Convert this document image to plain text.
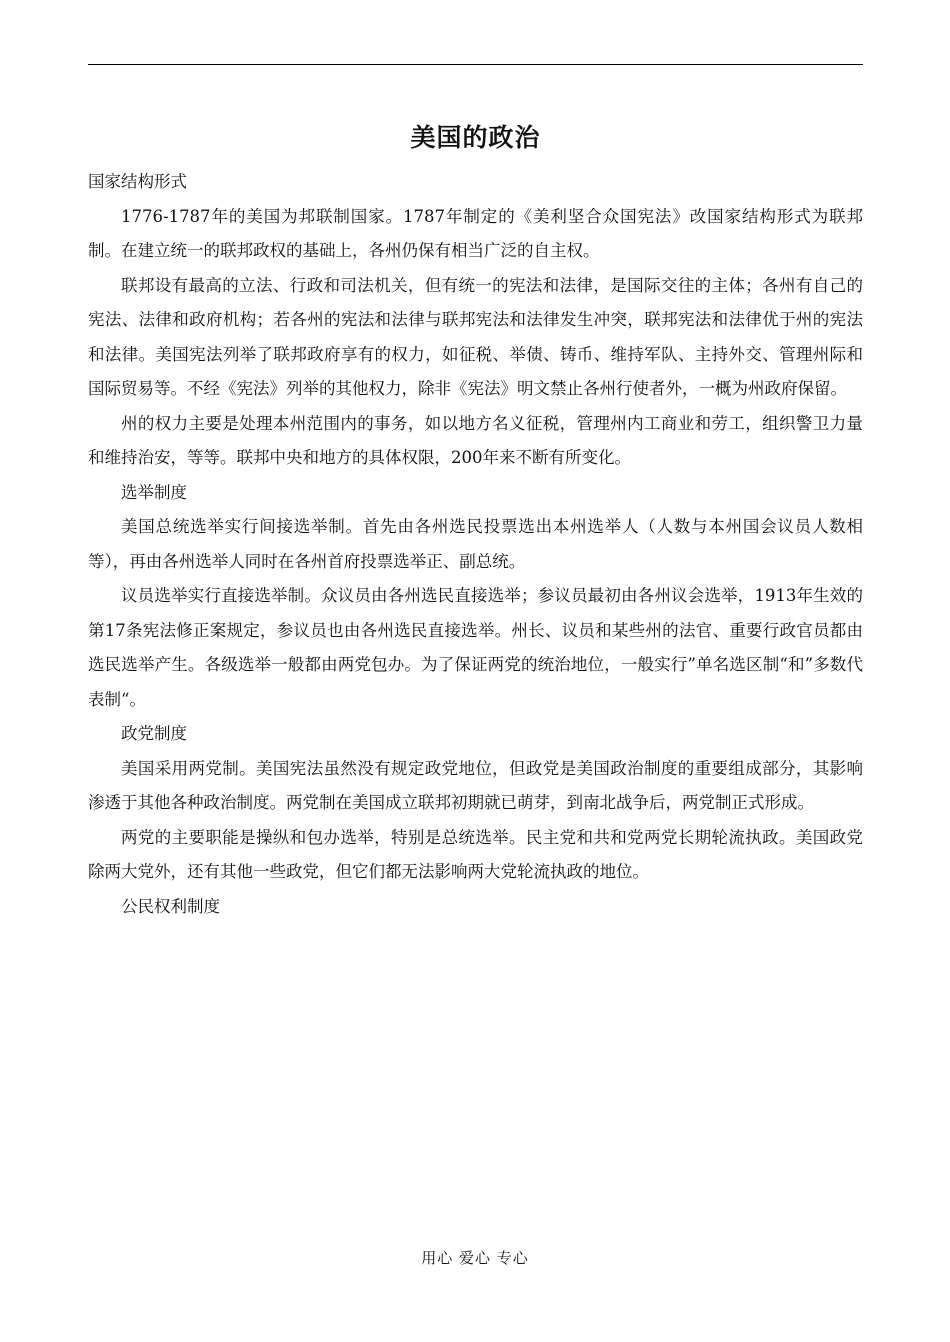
美国的政治

国家结构形式

1776-1787年的美国为邦联制国家。1787年制定的《美利坚合众国宪法》改国家结构形式为联邦制。在建立统一的联邦政权的基础上，各州仍保有相当广泛的自主权。

联邦设有最高的立法、行政和司法机关，但有统一的宪法和法律，是国际交往的主体；各州有自己的宪法、法律和政府机构；若各州的宪法和法律与联邦宪法和法律发生冲突，联邦宪法和法律优于州的宪法和法律。美国宪法列举了联邦政府享有的权力，如征税、举债、铸币、维持军队、主持外交、管理州际和国际贸易等。不经《宪法》列举的其他权力，除非《宪法》明文禁止各州行使者外，一概为州政府保留。

州的权力主要是处理本州范围内的事务，如以地方名义征税，管理州内工商业和劳工，组织警卫力量和维持治安，等等。联邦中央和地方的具体权限，200年来不断有所变化。

选举制度

美国总统选举实行间接选举制。首先由各州选民投票选出本州选举人（人数与本州国会议员人数相等），再由各州选举人同时在各州首府投票选举正、副总统。

议员选举实行直接选举制。众议员由各州选民直接选举；参议员最初由各州议会选举，1913年生效的第17条宪法修正案规定，参议员也由各州选民直接选举。州长、议员和某些州的法官、重要行政官员都由选民选举产生。各级选举一般都由两党包办。为了保证两党的统治地位，一般实行”单名选区制“和”多数代表制“。

政党制度

美国采用两党制。美国宪法虽然没有规定政党地位，但政党是美国政治制度的重要组成部分，其影响渗透于其他各种政治制度。两党制在美国成立联邦初期就已萌芽，到南北战争后，两党制正式形成。

两党的主要职能是操纵和包办选举，特别是总统选举。民主党和共和党两党长期轮流执政。美国政党除两大党外，还有其他一些政党，但它们都无法影响两大党轮流执政的地位。

公民权利制度

用心 爱心 专心
